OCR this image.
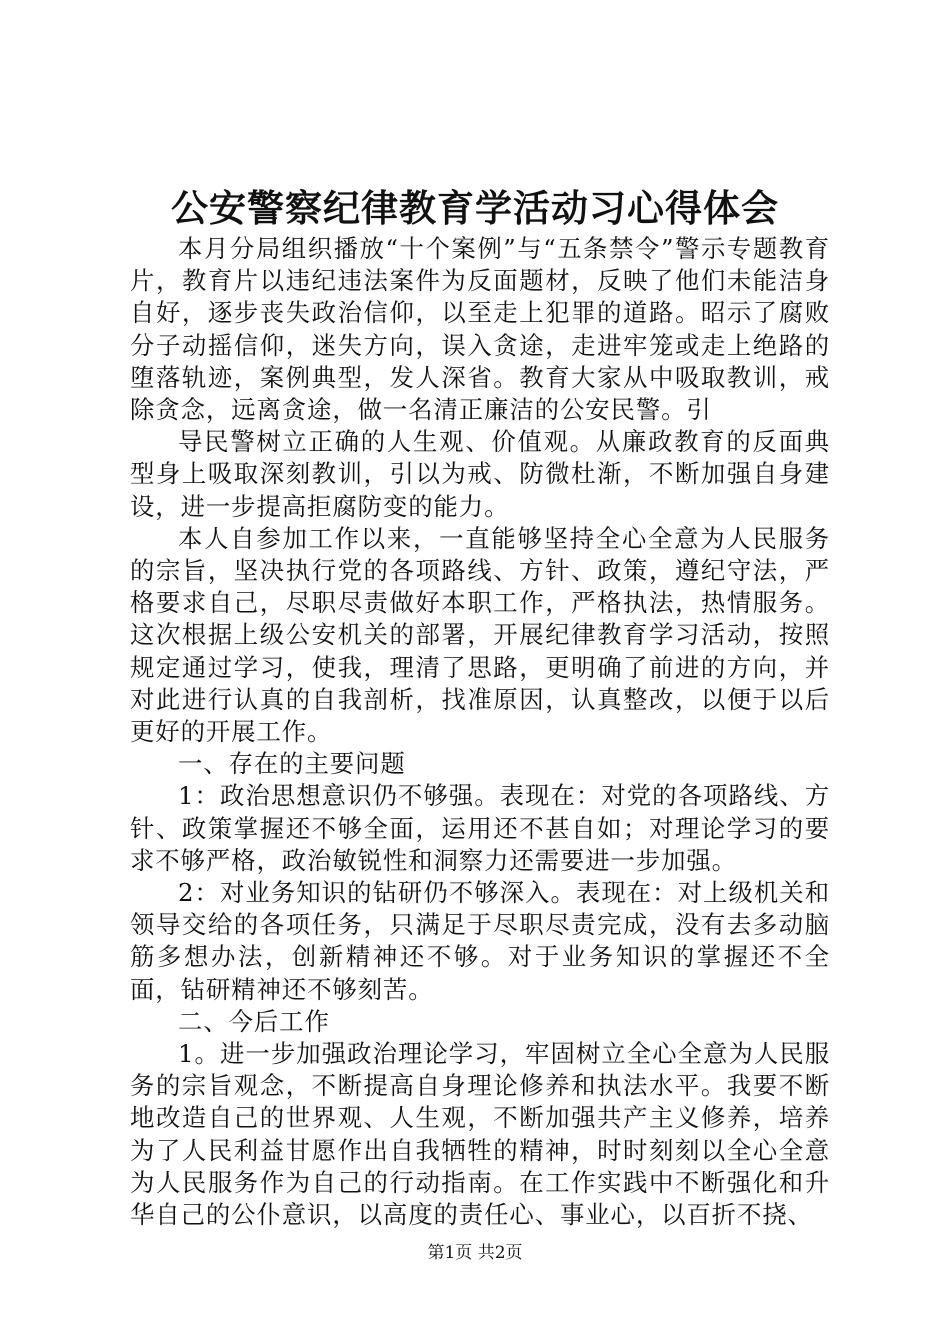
公安警察纪律教育学活动习心得体会

本月分局组织播放“十个案例”与“五条禁令”警示专题教育片，教育片以违纪违法案件为反面题材，反映了他们未能洁身自好，逐步丧失政治信仰，以至走上犯罪的道路。昭示了腐败分子动摇信仰，迷失方向，误入贪途，走进牢笼或走上绝路的堕落轨迹，案例典型，发人深省。教育大家从中吸取教训，戒除贪念，远离贪途，做一名清正廉洁的公安民警。引

导民警树立正确的人生观、价值观。从廉政教育的反面典型身上吸取深刻教训，引以为戒、防微杜渐，不断加强自身建设，进一步提高拒腐防变的能力。

本人自参加工作以来，一直能够坚持全心全意为人民服务的宗旨，坚决执行党的各项路线、方针、政策，遵纪守法，严格要求自己，尽职尽责做好本职工作，严格执法，热情服务。这次根据上级公安机关的部署，开展纪律教育学习活动，按照规定通过学习，使我，理清了思路，更明确了前进的方向，并对此进行认真的自我剖析，找准原因，认真整改，以便于以后更好的开展工作。

一、存在的主要问题

1：政治思想意识仍不够强。表现在：对党的各项路线、方针、政策掌握还不够全面，运用还不甚自如；对理论学习的要求不够严格，政治敏锐性和洞察力还需要进一步加强。

2：对业务知识的钻研仍不够深入。表现在：对上级机关和领导交给的各项任务，只满足于尽职尽责完成，没有去多动脑筋多想办法，创新精神还不够。对于业务知识的掌握还不全面，钻研精神还不够刻苦。

二、今后工作

1。进一步加强政治理论学习，牢固树立全心全意为人民服务的宗旨观念，不断提高自身理论修养和执法水平。我要不断地改造自己的世界观、人生观，不断加强共产主义修养，培养为了人民利益甘愿作出自我牺牲的精神，时时刻刻以全心全意为人民服务作为自己的行动指南。在工作实践中不断强化和升华自己的公仆意识，以高度的责任心、事业心，以百折不挠、

第1页 共2页
